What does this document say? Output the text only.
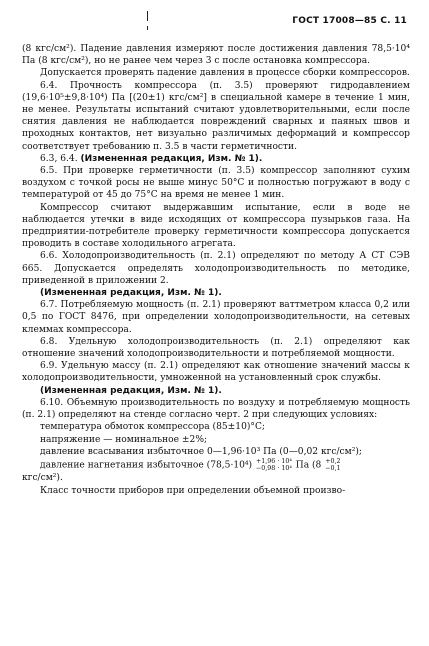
ГОСТ 17008—85 С. 11

(8 кгс/см²). Падение давления измеряют после достижения давления 78,5·10⁴ Па (8 кгс/см²), но не ранее чем через 3 с после остановка компрессора.

Допускается проверять падение давления в процессе сборки компрессоров.

6.4. Прочность компрессора (п. 3.5) проверяют гидродавлением (19,6·10⁵±9,8·10⁴) Па [(20±1) кгс/см²] в специальной камере в течение 1 мин, не менее. Результаты испытаний считают удовлетворительными, если после снятия давления не наблюдается повреждений сварных и паяных швов и проходных контактов, нет визуально различимых деформаций и компрессор соответствует требованию п. 3.5 в части герметичности.

6.3, 6.4. (Измененная редакция, Изм. № 1).

6.5. При проверке герметичности (п. 3.5) компрессор заполняют сухим воздухом с точкой росы не выше минус 50°С и полностью погружают в воду с температурой от 45 до 75°С на время не менее 1 мин.

Компрессор считают выдержавшим испытание, если в воде не наблюдается утечки в виде исходящих от компрессора пузырьков газа. На предприятии-потребителе проверку герметичности компрессора допускается проводить в составе холодильного агрегата.

6.6. Холодопроизводительность (п. 2.1) определяют по методу А СТ СЭВ 665. Допускается определять холодопроизводительность по методике, приведенной в приложении 2.

(Измененная редакция, Изм. № 1).

6.7. Потребляемую мощность (п. 2.1) проверяют ваттметром класса 0,2 или 0,5 по ГОСТ 8476, при определении холодопроизводительности, на сетевых клеммах компрессора.

6.8. Удельную холодопроизводительность (п. 2.1) определяют как отношение значений холодопроизводительности и потребляемой мощности.

6.9. Удельную массу (п. 2.1) определяют как отношение значений массы к холодопроизводительности, умноженной на установленный срок службы.

(Измененная редакция, Изм. № 1).

6.10. Объемную производительность по воздуху и потребляемую мощность (п. 2.1) определяют на стенде согласно черт. 2 при следующих условиях:

температура обмоток компрессора (85±10)°С;

напряжение — номинальное ±2%;

давление всасывания избыточное 0—1,96·10³ Па (0—0,02 кгс/см²);

давление нагнетания избыточное (78,5·10⁴) +1,96 · 10⁴
−0,98 · 10⁴ Па (8 +0,2
−0,1

кгс/см²).

Класс точности приборов при определении объемной произво-
